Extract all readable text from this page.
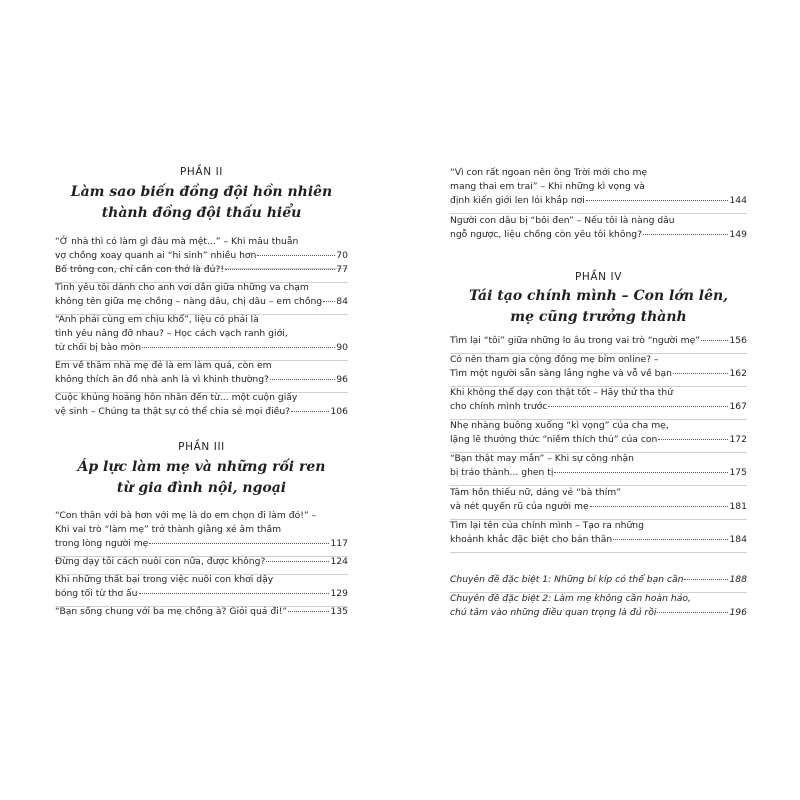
PHẦN II
Làm sao biến đồng đội hồn nhiên
thành đồng đội thấu hiểu
“Ở nhà thì có làm gì đâu mà mệt...” – Khi mâu thuẫn
vợ chồng xoay quanh ai “hi sinh” nhiều hơn	70
Bố trông con, chỉ cần con thở là đủ?!	77
Tình yêu tôi dành cho anh vơi dần giữa những va chạm
không tên giữa mẹ chồng – nàng dâu, chị dâu – em chồng 84
“Anh phải cùng em chịu khổ”, liệu có phải là
tình yêu nâng đỡ nhau? – Học cách vạch ranh giới,
từ chối bị bào mòn	90
Em về thăm nhà mẹ đẻ là em làm quá, còn em
không thích ăn đồ nhà anh là vì khinh thường?	96
Cuộc khủng hoảng hôn nhân đến từ... một cuộn giấy
vệ sinh – Chúng ta thật sự có thể chia sẻ mọi điều?	106
PHẦN III
Áp lực làm mẹ và những rối ren
từ gia đình nội, ngoại
“Con thân với bà hơn với mẹ là do em chọn đi làm đó!” –
Khi vai trò “làm mẹ” trở thành giằng xé âm thầm
trong lòng người mẹ	117
Đừng dạy tôi cách nuôi con nữa, được không?	124
Khi những thất bại trong việc nuôi con khơi dậy
bóng tối từ thơ ấu	129
“Bạn sống chung với ba mẹ chồng à? Giỏi quá đi!”	135
“Vì con rất ngoan nên ông Trời mới cho mẹ
mang thai em trai” – Khi những kì vọng và
định kiến giới len lỏi khắp nơi	144
Người con dâu bị “bôi đen” – Nếu tôi là nàng dâu
ngỗ ngược, liệu chồng còn yêu tôi không?	149
PHẦN IV
Tái tạo chính mình – Con lớn lên,
mẹ cũng trưởng thành
Tìm lại “tôi” giữa những lo âu trong vai trò “người mẹ”	156
Có nên tham gia cộng đồng mẹ bỉm online? –
Tìm một người sẵn sàng lắng nghe và vỗ về bạn	162
Khi không thể dạy con thật tốt – Hãy thử tha thứ
cho chính mình trước	167
Nhẹ nhàng buông xuống “kì vọng” của cha mẹ,
lặng lẽ thưởng thức “niềm thích thú” của con	172
“Bạn thật may mắn” – Khi sự công nhận
bị tráo thành... ghen tị	175
Tâm hồn thiếu nữ, dáng vẻ “bà thím”
và nét quyến rũ của người mẹ	181
Tìm lại tên của chính mình – Tạo ra những
khoảnh khắc đặc biệt cho bản thân	184
Chuyên đề đặc biệt 1: Những bí kíp có thể bạn cần	188
Chuyên đề đặc biệt 2: Làm mẹ không cần hoàn hảo,
chú tâm vào những điều quan trọng là đủ rồi	196
